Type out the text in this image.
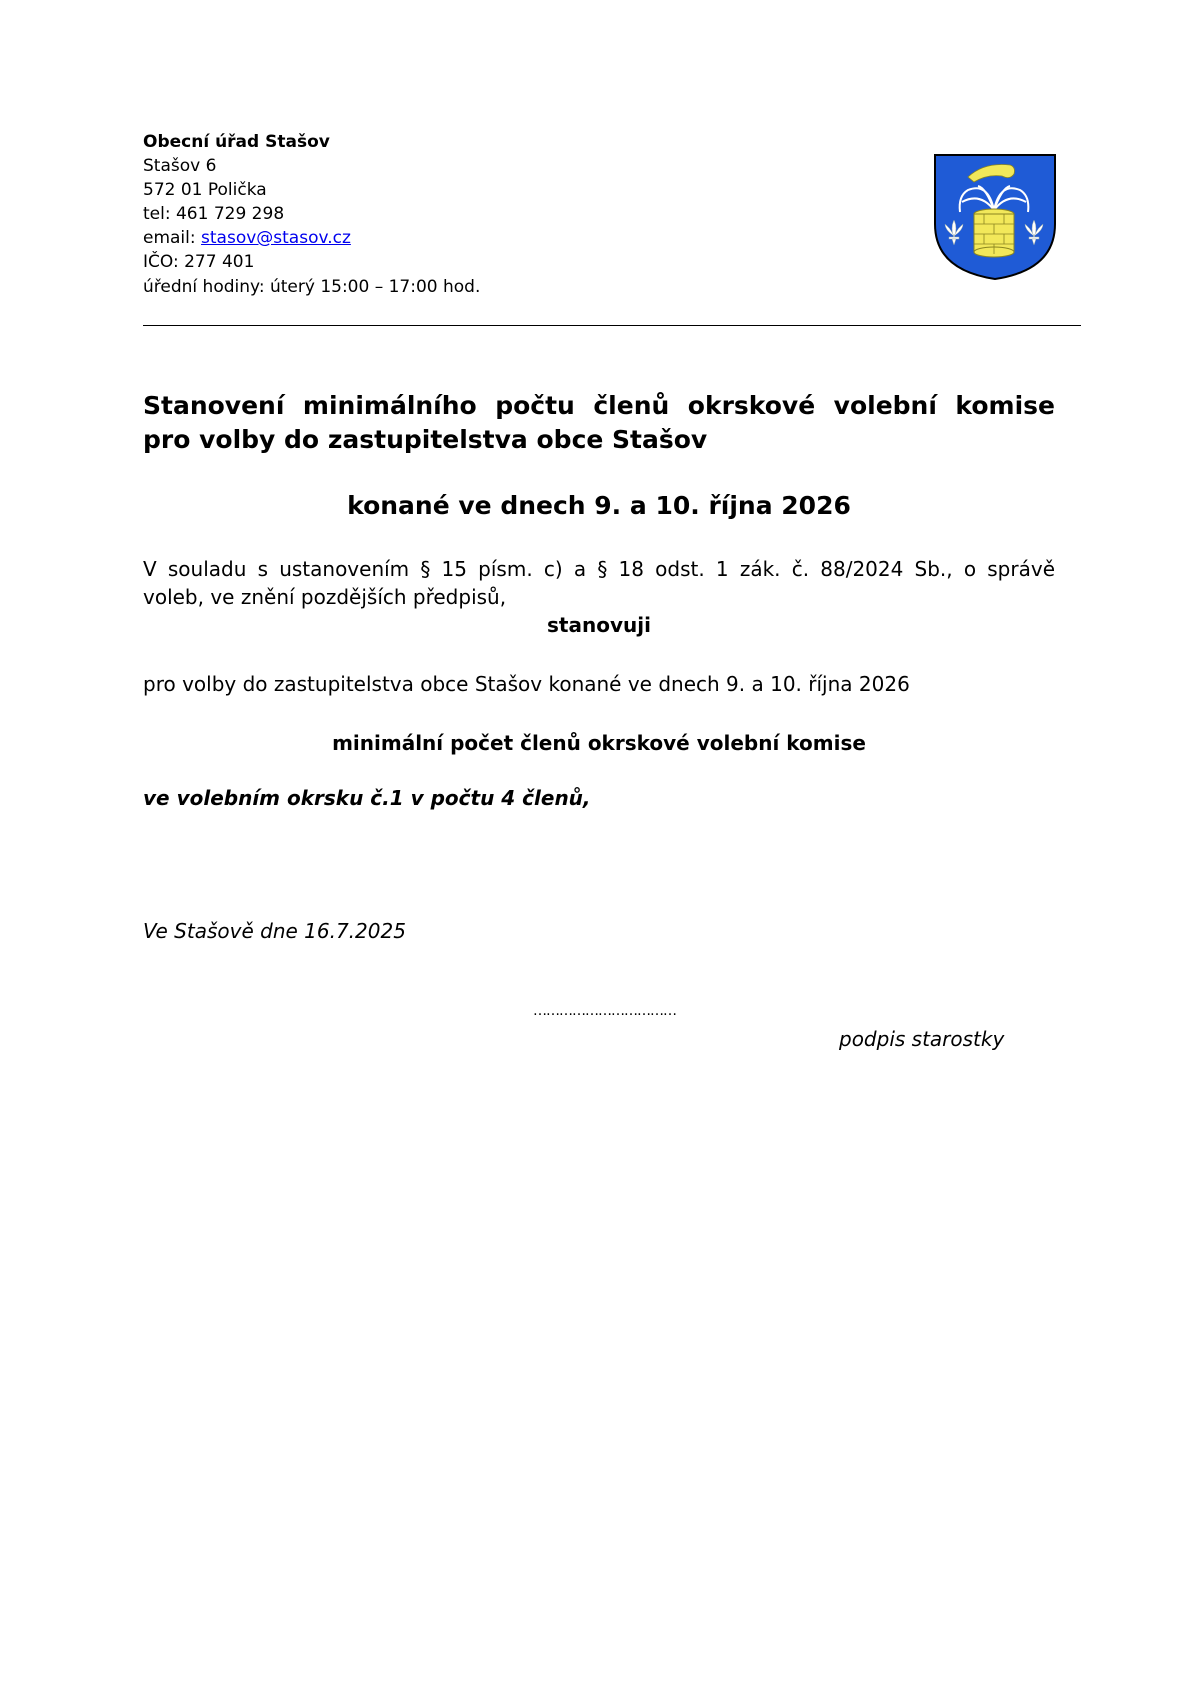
Obecní úřad Stašov
Stašov 6
572 01 Polička
tel: 461 729 298
email: stasov@stasov.cz
IČO: 277 401
úřední hodiny: úterý 15:00 – 17:00 hod.
Stanovení minimálního počtu členů okrskové volební komise
pro volby do zastupitelstva obce Stašov
konané ve dnech 9. a 10. října 2026
V souladu s ustanovením § 15 písm. c) a § 18 odst. 1 zák. č. 88/2024 Sb., o správě
voleb, ve znění pozdějších předpisů,
stanovuji
pro volby do zastupitelstva obce Stašov konané ve dnech 9. a 10. října 2026
minimální počet členů okrskové volební komise
ve volebním okrsku č.1 v počtu 4 členů,
Ve Stašově dne 16.7.2025
……………………………
podpis starostky
